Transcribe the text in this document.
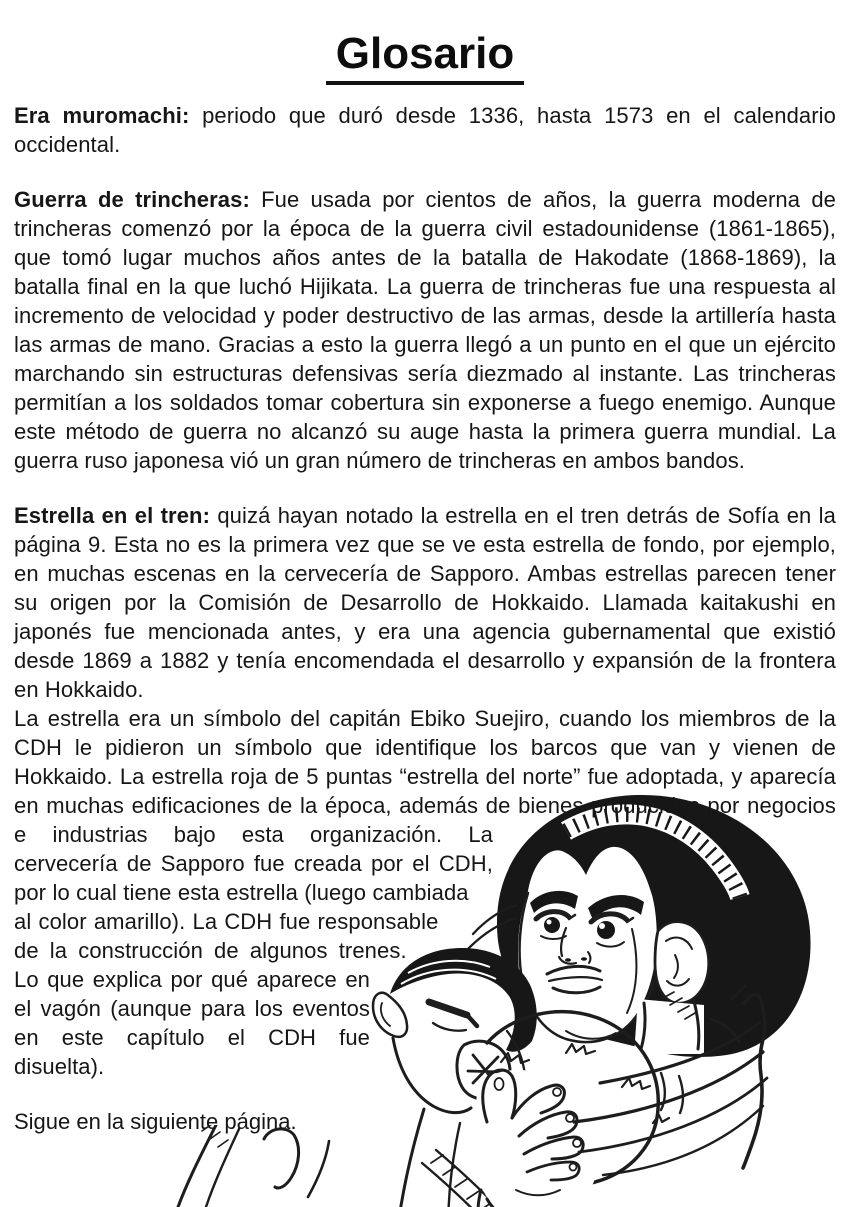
Glosario

Era muromachi: periodo que duró desde 1336, hasta 1573 en el calendario occidental.

Guerra de trincheras: Fue usada por cientos de años, la guerra moderna de trincheras comenzó por la época de la guerra civil estadounidense (1861-1865), que tomó lugar muchos años antes de la batalla de Hakodate (1868-1869), la batalla final en la que luchó Hijikata. La guerra de trincheras fue una respuesta al incremento de velocidad y poder destructivo de las armas, desde la artillería hasta las armas de mano. Gracias a esto la guerra llegó a un punto en el que un ejército marchando sin estructuras defensivas sería diezmado al instante. Las trincheras permitían a los soldados tomar cobertura sin exponerse a fuego enemigo. Aunque este método de guerra no alcanzó su auge hasta la primera guerra mundial. La guerra ruso japonesa vió un gran número de trincheras en ambos bandos.

Estrella en el tren: quizá hayan notado la estrella en el tren detrás de Sofía en la página 9. Esta no es la primera vez que se ve esta estrella de fondo, por ejemplo, en muchas escenas en la cervecería de Sapporo. Ambas estrellas parecen tener su origen por la Comisión de Desarrollo de Hokkaido. Llamada kaitakushi en japonés fue mencionada antes, y era una agencia gubernamental que existió desde 1869 a 1882 y tenía encomendada el desarrollo y expansión de la frontera en Hokkaido.
La estrella era un símbolo del capitán Ebiko Suejiro, cuando los miembros de la CDH le pidieron un símbolo que identifique los barcos que van y vienen de Hokkaido. La estrella roja de 5 puntas “estrella del norte” fue adoptada, y aparecía en muchas
edificaciones de la época, además de bienes producidos por negocios e industrias bajo esta organización. La cervecería de Sapporo fue creada por el CDH, por lo cual tiene esta estrella (luego cambiada al color amarillo). La CDH fue responsable de la construcción de algunos trenes. Lo que explica por qué aparece en el vagón (aunque para los eventos en este capítulo el CDH fue disuelta).

Sigue en la siguiente página.
